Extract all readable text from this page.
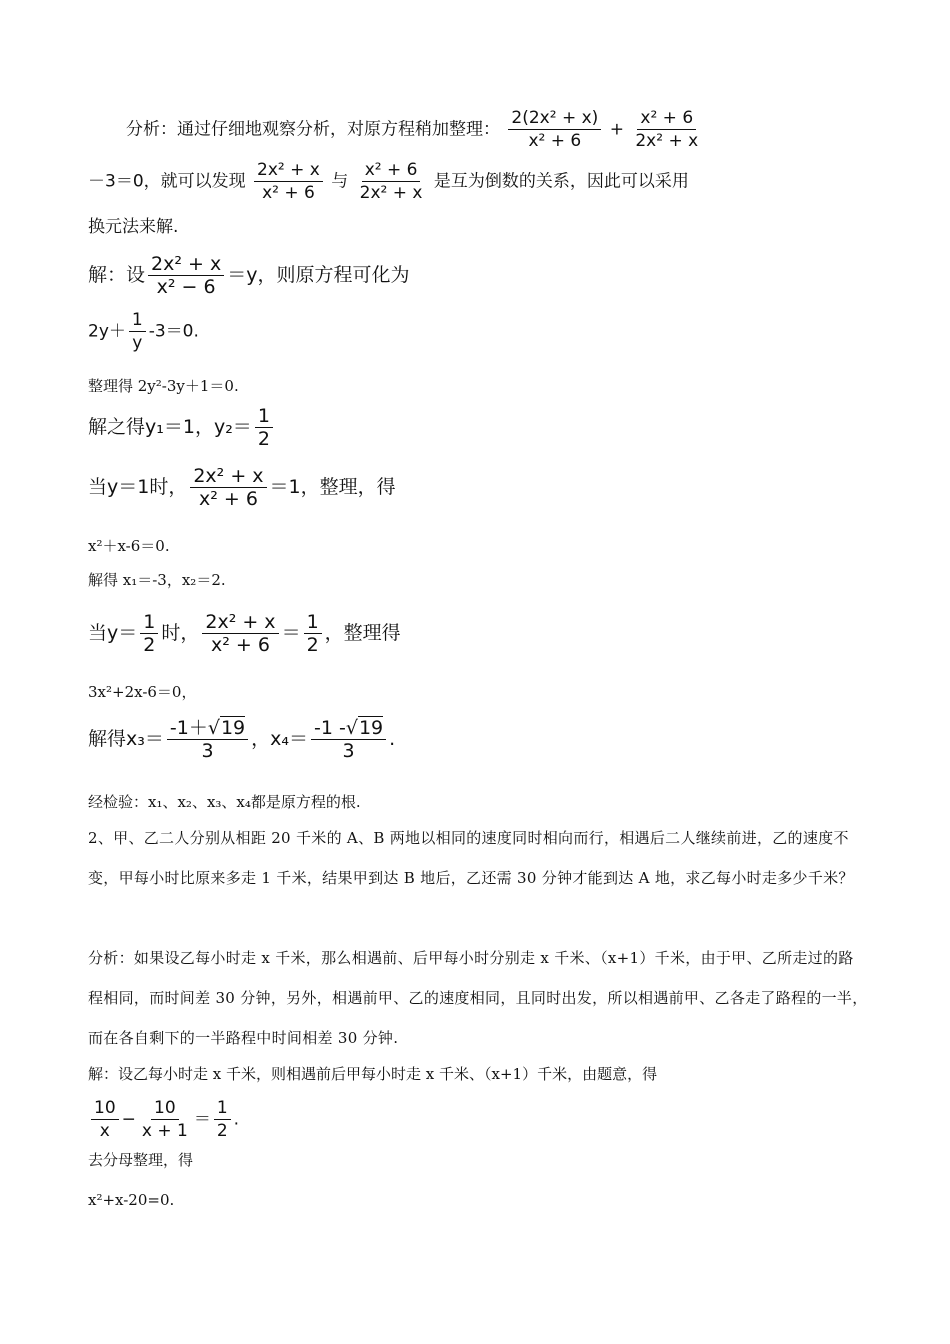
分析：通过仔细地观察分析，对原方程稍加整理： $\frac{\text{2(2x² + x)}}{\text{x² + 6}} + \frac{\text{x² + 6}}{\text{2x² + x}}$
－3＝0，就可以发现 $\frac{\text{2x² + x}}{\text{x² + 6}}$ 与 $\frac{\text{x² + 6}}{\text{2x² + x}}$ 是互为倒数的关系，因此可以采用
换元法来解.
解：设 $\frac{\text{2x² + x}}{\text{x² − 6}} =y$，则原方程可化为
$2y+ \frac{1}{y} -3=0$.
整理得 2y²-3y＋1＝0.
解之得y₁＝1，$y_2= \frac{1}{2}$
当y＝1时， $\frac{\text{2x² + x}}{\text{x² + 6}} =1$，整理，得
x²＋x-6＝0.
解得 x₁＝-3，x₂＝2.
当$y= \frac{1}{2}$ 时， $\frac{\text{2x² + x}}{\text{x² + 6}} = \frac{1}{2}$ ，整理得
3x²+2x-6＝0，
解得$x_3= \frac{-1+√19}{3}$ ，$x_4= \frac{-1 -√19}{3}$ .
经检验：x₁、x₂、x₃、x₄都是原方程的根.
2、甲、乙二人分别从相距 20 千米的 A、B 两地以相同的速度同时相向而行，相遇后二人继续前进，乙的速度不变，甲每小时比原来多走 1 千米，结果甲到达 B 地后，乙还需 30 分钟才能到达 A 地，求乙每小时走多少千米？
分析：如果设乙每小时走 x 千米，那么相遇前、后甲每小时分别走 x 千米、（x+1）千米，由于甲、乙所走过的路程相同，而时间差 30 分钟，另外，相遇前甲、乙的速度相同，且同时出发，所以相遇前甲、乙各走了路程的一半，而在各自剩下的一半路程中时间相差 30 分钟.
解：设乙每小时走 x 千米，则相遇前后甲每小时走 x 千米、（x+1）千米，由题意，得
$\frac{10}{x} - \frac{10}{x + 1} = \frac{1}{2}$ .
去分母整理，得
x²+x-20=0.
